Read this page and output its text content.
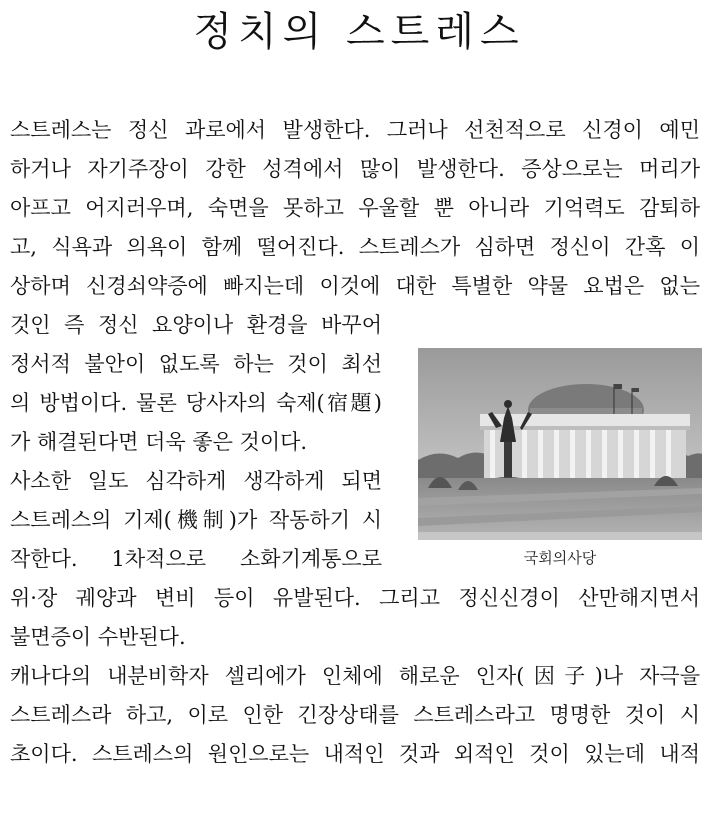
정치의 스트레스
스트레스는 정신 과로에서 발생한다. 그러나 선천적으로 신경이 예민
하거나 자기주장이 강한 성격에서 많이 발생한다. 증상으로는 머리가
아프고 어지러우며, 숙면을 못하고 우울할 뿐 아니라 기억력도 감퇴하
고, 식욕과 의욕이 함께 떨어진다. 스트레스가 심하면 정신이 간혹 이
상하며 신경쇠약증에 빠지는데 이것에 대한 특별한 약물 요법은 없는
것인 즉 정신 요양이나 환경을 바꾸어
정서적 불안이 없도록 하는 것이 최선
의 방법이다. 물론 당사자의 숙제(宿題)
가 해결된다면 더욱 좋은 것이다.
사소한 일도 심각하게 생각하게 되면
스트레스의 기제(機制)가 작동하기 시
작한다. 1차적으로 소화기계통으로
위·장 궤양과 변비 등이 유발된다. 그리고 정신신경이 산만해지면서
불면증이 수반된다.
캐나다의 내분비학자 셀리에가 인체에 해로운 인자(因子)나 자극을
스트레스라 하고, 이로 인한 긴장상태를 스트레스라고 명명한 것이 시
초이다. 스트레스의 원인으로는 내적인 것과 외적인 것이 있는데 내적
국회의사당
